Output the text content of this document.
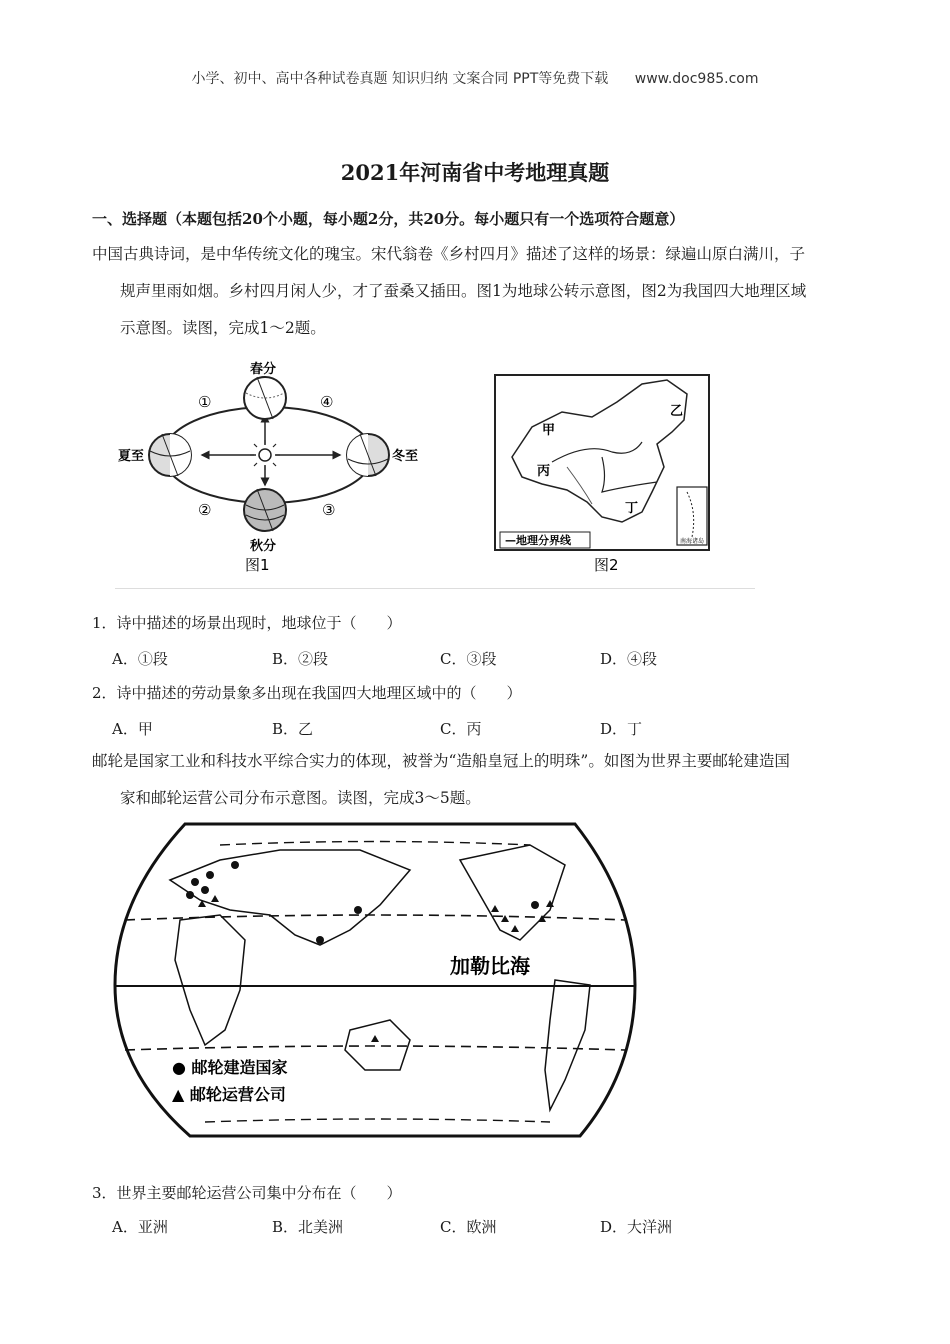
小学、初中、高中各种试卷真题 知识归纳 文案合同 PPT等免费下载 www.doc985.com
2021年河南省中考地理真题
一、选择题（本题包括20个小题，每小题2分，共20分。每小题只有一个选项符合题意）
中国古典诗词，是中华传统文化的瑰宝。宋代翁卷《乡村四月》描述了这样的场景：绿遍山原白满川，子
规声里雨如烟。乡村四月闲人少，才了蚕桑又插田。图1为地球公转示意图，图2为我国四大地理区域
示意图。读图，完成1～2题。
春分
夏至	冬至
秋分
①	④
②	③
图1
南海诸岛
甲
乙
丙
丁
—地理分界线
图2
1．诗中描述的场景出现时，地球位于（　　）
A．①段	B．②段	C．③段	D．④段
2．诗中描述的劳动景象多出现在我国四大地理区域中的（　　）
A．甲	B．乙	C．丙	D．丁
邮轮是国家工业和科技水平综合实力的体现，被誉为“造船皇冠上的明珠”。如图为世界主要邮轮建造国
家和邮轮运营公司分布示意图。读图，完成3～5题。
加勒比海
● 邮轮建造国家
▲ 邮轮运营公司
3．世界主要邮轮运营公司集中分布在（　　）
A．亚洲	B．北美洲	C．欧洲	D．大洋洲
